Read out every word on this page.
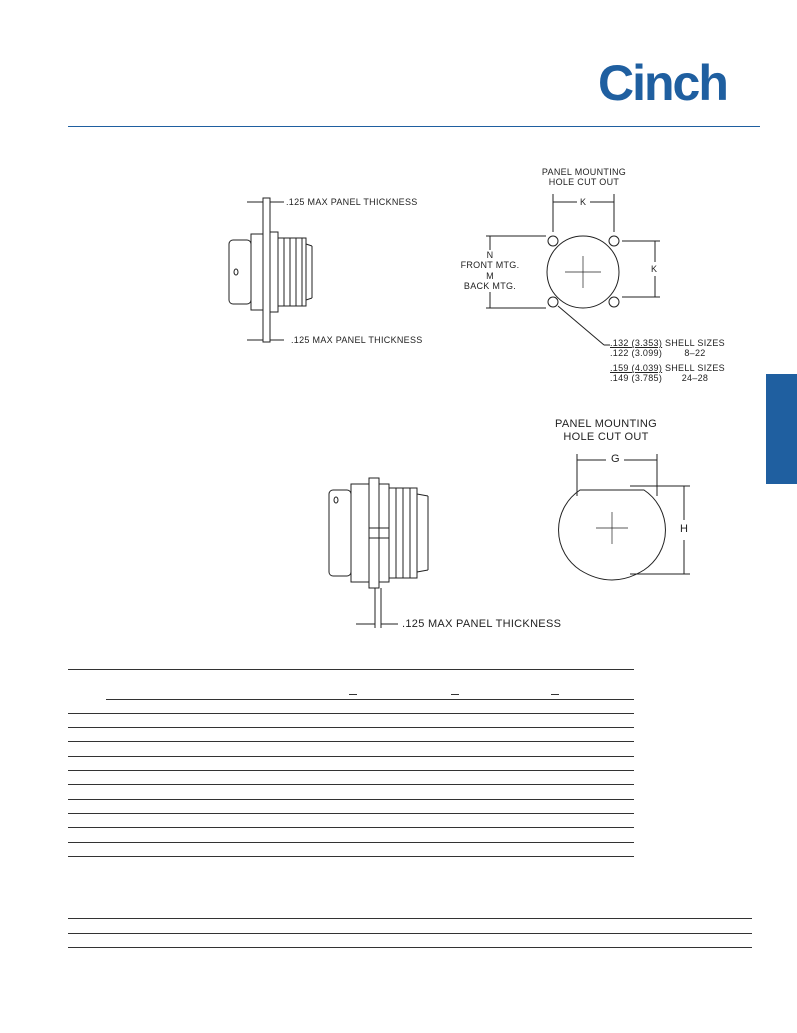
Cinch
.125 MAX PANEL THICKNESS
.125 MAX PANEL THICKNESS
PANEL MOUNTING
HOLE CUT OUT
K
K
N
FRONT MTG.
M
BACK MTG.
$\frac{.132 (3.353)}{.122 (3.099)}$
SHELL SIZES
8–22
$\frac{.159 (4.039)}{.149 (3.785)}$
SHELL SIZES
24–28
PANEL MOUNTING
HOLE CUT OUT
G
H
.125 MAX PANEL THICKNESS
